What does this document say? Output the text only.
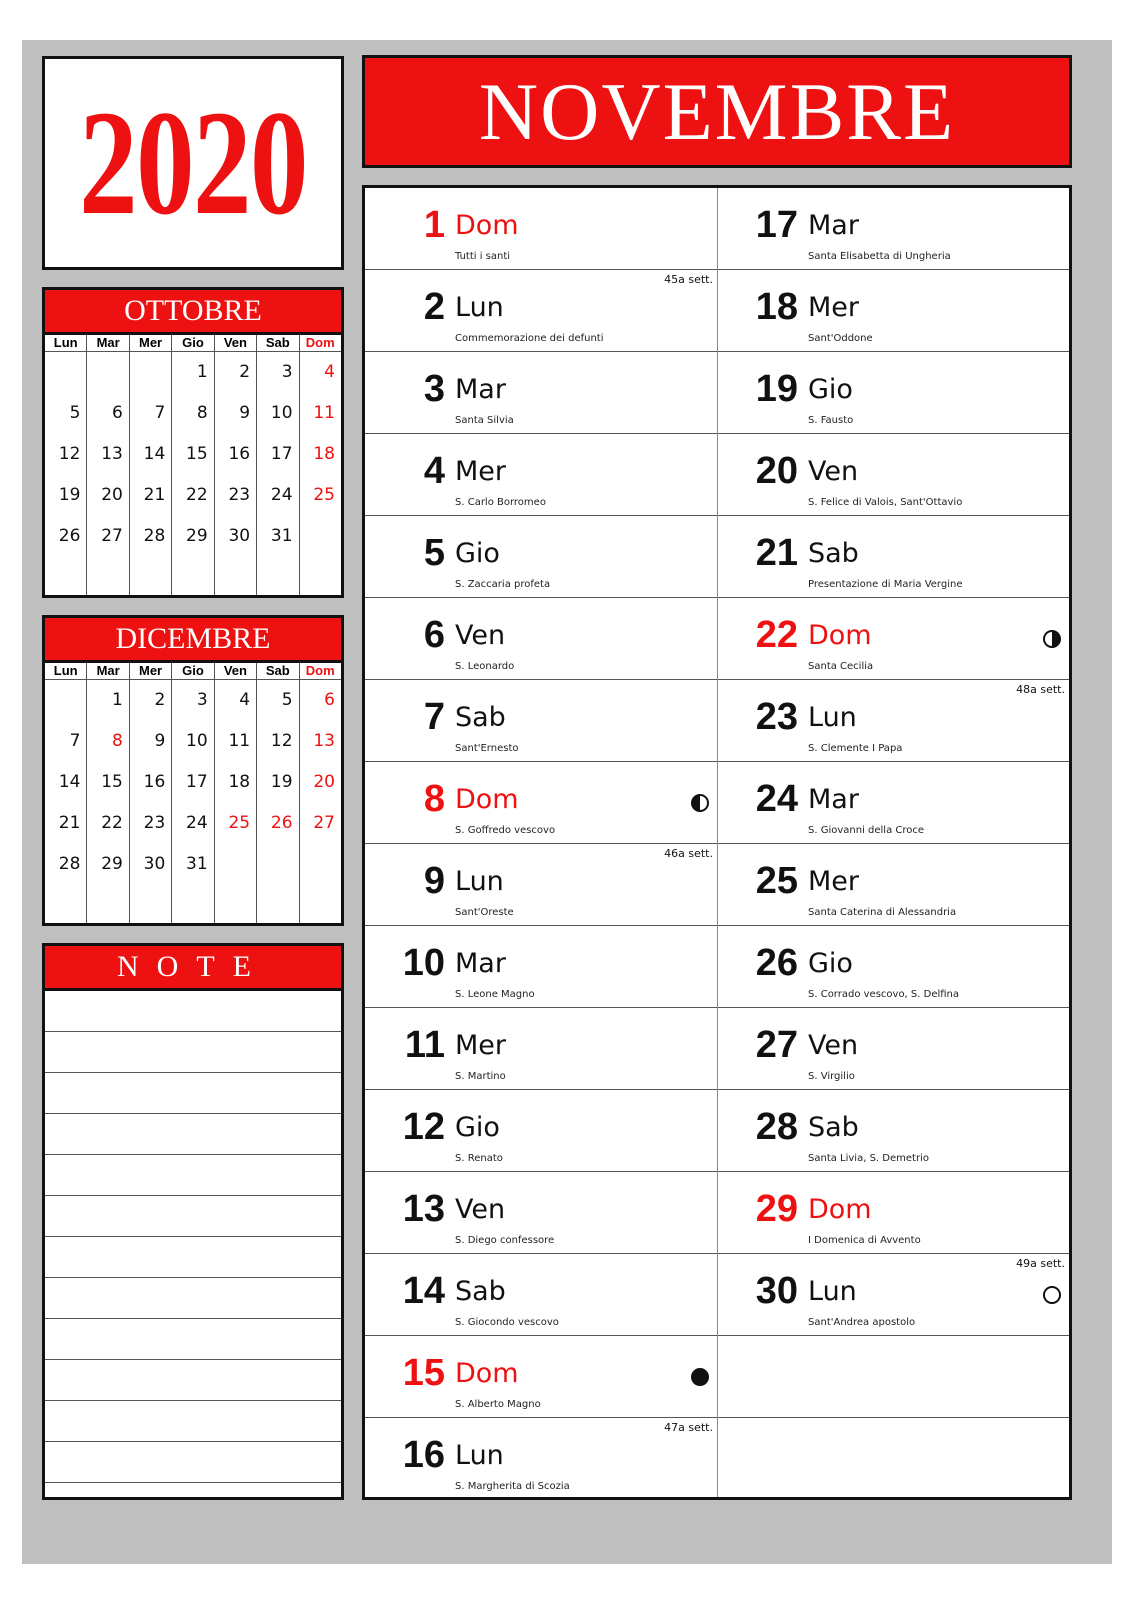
2020 NOVEMBRE
OTTOBRE
Lun
5
12
19
26
Mar
6
13
20
27
Mer
7
14
21
28
Gio
1
8
15
22
29
Ven
2
9
16
23
30
Sab
3
10
17
24
31
Dom
4
11
18
25
DICEMBRE
Lun
7
14
21
28
Mar
1
8
15
22
29
Mer
2
9
16
23
30
Gio
3
10
17
24
31
Ven
4
11
18
25
Sab
5
12
19
26
Dom
6
13
20
27
NOTE
1 Dom
Tutti i santi
2 Lun
Commemorazione dei defunti
45a sett.
3 Mar
Santa Silvia
4 Mer
S. Carlo Borromeo
5 Gio
S. Zaccaria profeta
6 Ven
S. Leonardo
7 Sab
Sant'Ernesto
8 Dom
S. Goffredo vescovo
9 Lun
Sant'Oreste
46a sett.
10 Mar
S. Leone Magno
11 Mer
S. Martino
12 Gio
S. Renato
13 Ven
S. Diego confessore
14 Sab
S. Giocondo vescovo
15 Dom
S. Alberto Magno
16 Lun
S. Margherita di Scozia
47a sett.
17 Mar
Santa Elisabetta di Ungheria
18 Mer
Sant'Oddone
19 Gio
S. Fausto
20 Ven
S. Felice di Valois, Sant'Ottavio
21 Sab
Presentazione di Maria Vergine
22 Dom
Santa Cecilia
23 Lun
S. Clemente I Papa
48a sett.
24 Mar
S. Giovanni della Croce
25 Mer
Santa Caterina di Alessandria
26 Gio
S. Corrado vescovo, S. Delfina
27 Ven
S. Virgilio
28 Sab
Santa Livia, S. Demetrio
29 Dom
I Domenica di Avvento
30 Lun
Sant'Andrea apostolo
49a sett.
